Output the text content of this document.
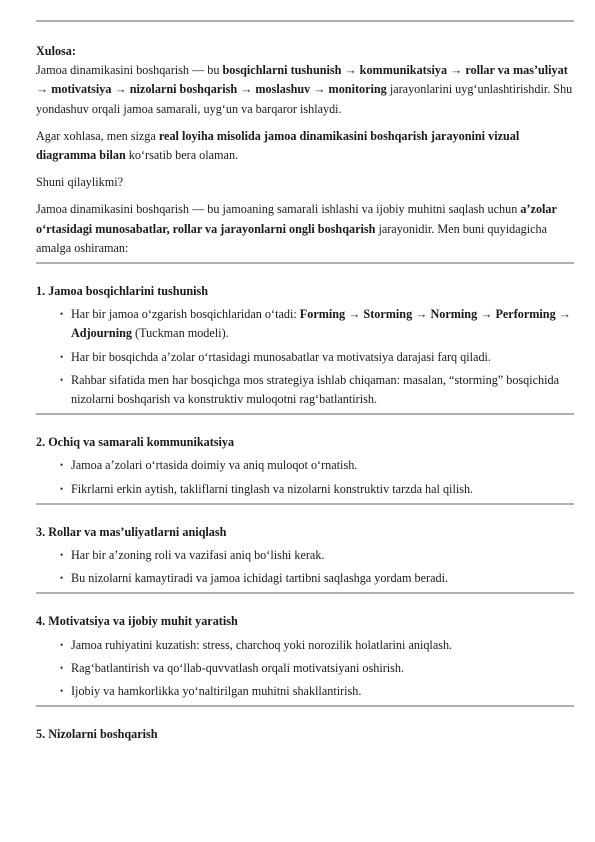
Xulosa:

Jamoa dinamikasini boshqarish — bu bosqichlarni tushunish → kommunikatsiya → rollar va mas’uliyat → motivatsiya → nizolarni boshqarish → moslashuv → monitoring jarayonlarini uyg‘unlashtirishdir. Shu yondashuv orqali jamoa samarali, uyg‘un va barqaror ishlaydi.

Agar xohlasa, men sizga real loyiha misolida jamoa dinamikasini boshqarish jarayonini vizual diagramma bilan ko‘rsatib bera olaman.

Shuni qilaylikmi?

Jamoa dinamikasini boshqarish — bu jamoaning samarali ishlashi va ijobiy muhitni saqlash uchun a’zolar o‘rtasidagi munosabatlar, rollar va jarayonlarni ongli boshqarish jarayonidir. Men buni quyidagicha amalga oshiraman:

1. Jamoa bosqichlarini tushunish
• Har bir jamoa o‘zgarish bosqichlaridan o‘tadi: Forming → Storming → Norming → Performing → Adjourning (Tuckman modeli).
• Har bir bosqichda a’zolar o‘rtasidagi munosabatlar va motivatsiya darajasi farq qiladi.
• Rahbar sifatida men har bosqichga mos strategiya ishlab chiqaman: masalan, “storming” bosqichida nizolarni boshqarish va konstruktiv muloqotni rag‘batlantirish.
2. Ochiq va samarali kommunikatsiya
• Jamoa a’zolari o‘rtasida doimiy va aniq muloqot o‘rnatish.
• Fikrlarni erkin aytish, takliflarni tinglash va nizolarni konstruktiv tarzda hal qilish.
3. Rollar va mas’uliyatlarni aniqlash
• Har bir a’zoning roli va vazifasi aniq bo‘lishi kerak.
• Bu nizolarni kamaytiradi va jamoa ichidagi tartibni saqlashga yordam beradi.
4. Motivatsiya va ijobiy muhit yaratish
• Jamoa ruhiyatini kuzatish: stress, charchoq yoki norozilik holatlarini aniqlash.
• Rag‘batlantirish va qo‘llab-quvvatlash orqali motivatsiyani oshirish.
• Ijobiy va hamkorlikka yo‘naltirilgan muhitni shakllantirish.
5. Nizolarni boshqarish
